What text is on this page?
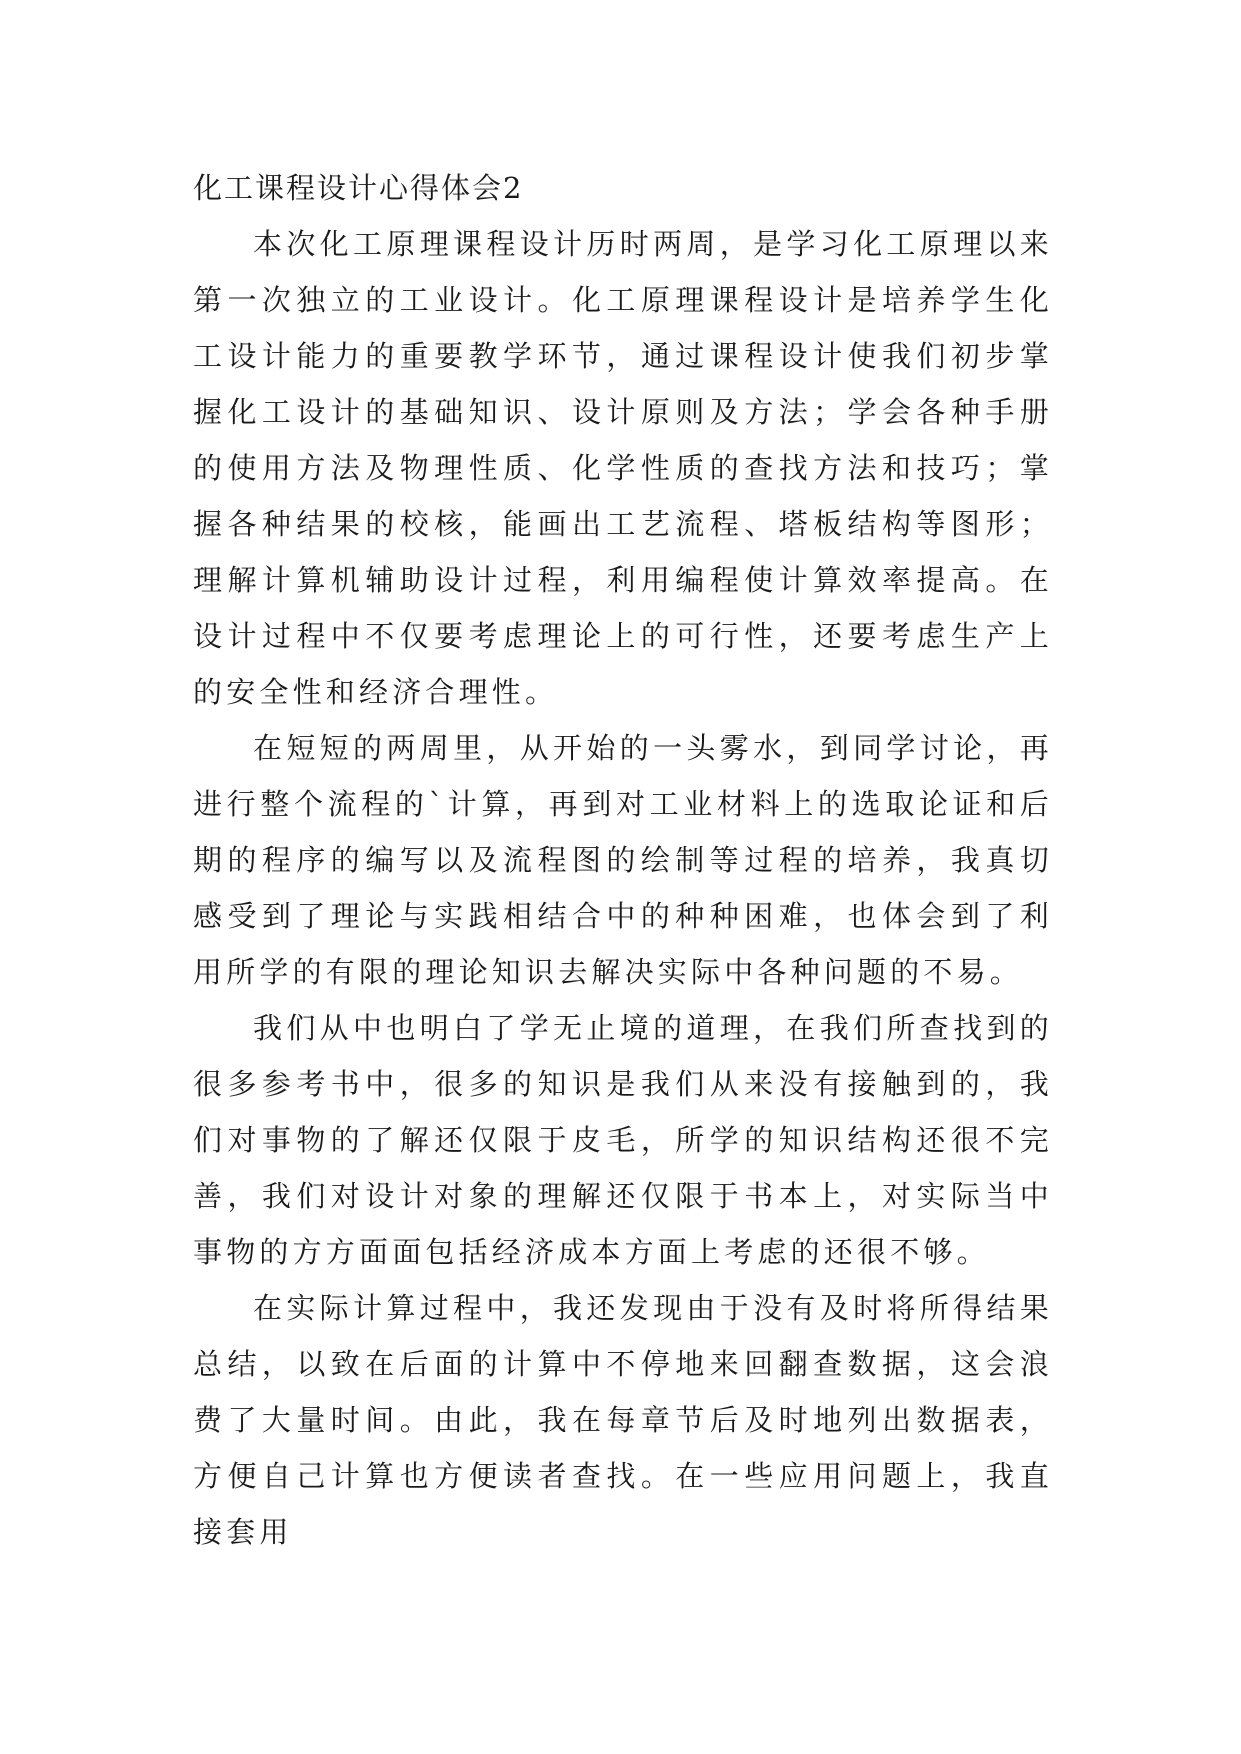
化工课程设计心得体会2

本次化工原理课程设计历时两周，是学习化工原理以来第一次独立的工业设计。化工原理课程设计是培养学生化工设计能力的重要教学环节，通过课程设计使我们初步掌握化工设计的基础知识、设计原则及方法；学会各种手册的使用方法及物理性质、化学性质的查找方法和技巧；掌握各种结果的校核，能画出工艺流程、塔板结构等图形；理解计算机辅助设计过程，利用编程使计算效率提高。在设计过程中不仅要考虑理论上的可行性，还要考虑生产上的安全性和经济合理性。

在短短的两周里，从开始的一头雾水，到同学讨论，再进行整个流程的`计算，再到对工业材料上的选取论证和后期的程序的编写以及流程图的绘制等过程的培养，我真切感受到了理论与实践相结合中的种种困难，也体会到了利用所学的有限的理论知识去解决实际中各种问题的不易。

我们从中也明白了学无止境的道理，在我们所查找到的很多参考书中，很多的知识是我们从来没有接触到的，我们对事物的了解还仅限于皮毛，所学的知识结构还很不完善，我们对设计对象的理解还仅限于书本上，对实际当中事物的方方面面包括经济成本方面上考虑的还很不够。

在实际计算过程中，我还发现由于没有及时将所得结果总结，以致在后面的计算中不停地来回翻查数据，这会浪费了大量时间。由此，我在每章节后及时地列出数据表，方便自己计算也方便读者查找。在一些应用问题上，我直接套用
